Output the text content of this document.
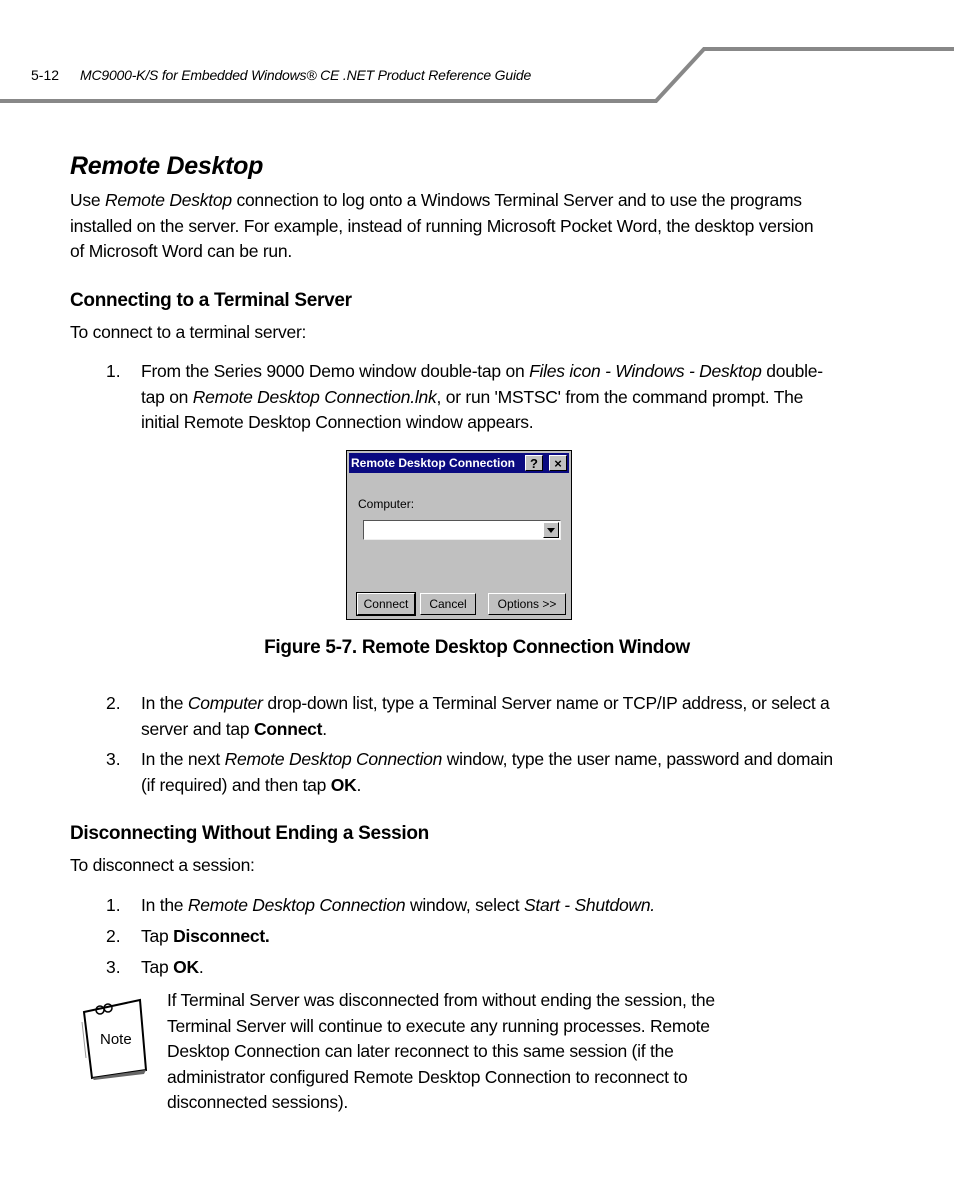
5-12 MC9000-K/S for Embedded Windows® CE .NET Product Reference Guide
Remote Desktop
Use Remote Desktop connection to log onto a Windows Terminal Server and to use the programs
installed on the server. For example, instead of running Microsoft Pocket Word, the desktop version
of Microsoft Word can be run.
Connecting to a Terminal Server
To connect to a terminal server:
1. From the Series 9000 Demo window double-tap on Files icon - Windows - Desktop double-
tap on Remote Desktop Connection.lnk, or run 'MSTSC' from the command prompt. The
initial Remote Desktop Connection window appears.
Remote Desktop Connection	?	×
Computer:
Connect	Cancel	Options >>
Figure 5-7. Remote Desktop Connection Window
2. In the Computer drop-down list, type a Terminal Server name or TCP/IP address, or select a
server and tap Connect.
3. In the next Remote Desktop Connection window, type the user name, password and domain
(if required) and then tap OK.
Disconnecting Without Ending a Session
To disconnect a session:
1. In the Remote Desktop Connection window, select Start - Shutdown.
2. Tap Disconnect.
3. Tap OK.
Note
If Terminal Server was disconnected from without ending the session, the
Terminal Server will continue to execute any running processes. Remote
Desktop Connection can later reconnect to this same session (if the
administrator configured Remote Desktop Connection to reconnect to
disconnected sessions).
